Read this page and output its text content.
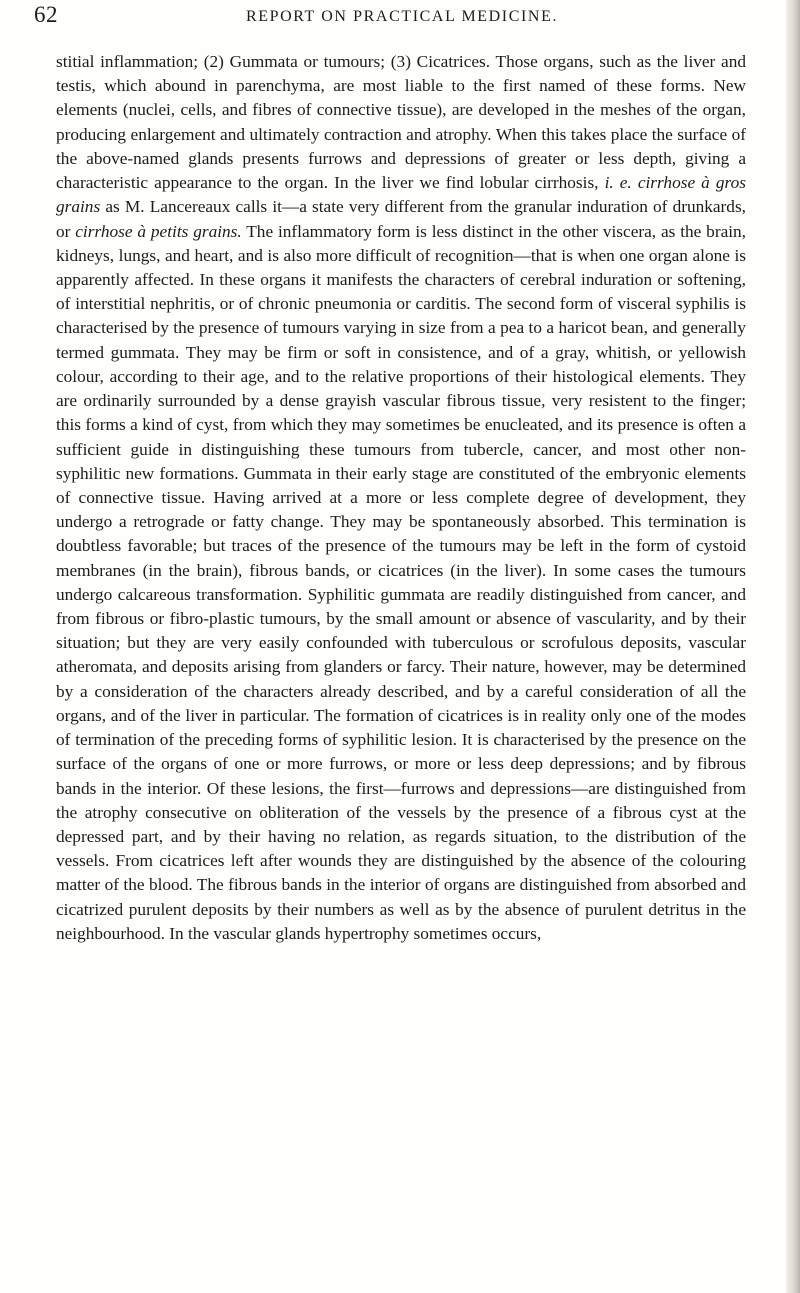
62	REPORT ON PRACTICAL MEDICINE.

stitial inflammation; (2) Gummata or tumours; (3) Cicatrices. Those organs, such as the liver and testis, which abound in parenchyma, are most liable to the first named of these forms. New elements (nuclei, cells, and fibres of connective tissue), are developed in the meshes of the organ, producing enlargement and ultimately contraction and atrophy. When this takes place the surface of the above-named glands presents furrows and depressions of greater or less depth, giving a characteristic appearance to the organ. In the liver we find lobular cirrhosis, i. e. cirrhose à gros grains as M. Lancereaux calls it—a state very different from the granular induration of drunkards, or cirrhose à petits grains. The inflammatory form is less distinct in the other viscera, as the brain, kidneys, lungs, and heart, and is also more difficult of recognition—that is when one organ alone is apparently affected. In these organs it manifests the characters of cerebral induration or softening, of interstitial nephritis, or of chronic pneumonia or carditis. The second form of visceral syphilis is characterised by the presence of tumours varying in size from a pea to a haricot bean, and generally termed gummata. They may be firm or soft in consistence, and of a gray, whitish, or yellowish colour, according to their age, and to the relative proportions of their histological elements. They are ordinarily surrounded by a dense grayish vascular fibrous tissue, very resistent to the finger; this forms a kind of cyst, from which they may sometimes be enucleated, and its presence is often a sufficient guide in distinguishing these tumours from tubercle, cancer, and most other non-syphilitic new formations. Gummata in their early stage are constituted of the embryonic elements of connective tissue. Having arrived at a more or less complete degree of development, they undergo a retrograde or fatty change. They may be spontaneously absorbed. This termination is doubtless favorable; but traces of the presence of the tumours may be left in the form of cystoid membranes (in the brain), fibrous bands, or cicatrices (in the liver). In some cases the tumours undergo calcareous transformation. Syphilitic gummata are readily distinguished from cancer, and from fibrous or fibro-plastic tumours, by the small amount or absence of vascularity, and by their situation; but they are very easily confounded with tuberculous or scrofulous deposits, vascular atheromata, and deposits arising from glanders or farcy. Their nature, however, may be determined by a consideration of the characters already described, and by a careful consideration of all the organs, and of the liver in particular. The formation of cicatrices is in reality only one of the modes of termination of the preceding forms of syphilitic lesion. It is characterised by the presence on the surface of the organs of one or more furrows, or more or less deep depressions; and by fibrous bands in the interior. Of these lesions, the first—furrows and depressions—are distinguished from the atrophy consecutive on obliteration of the vessels by the presence of a fibrous cyst at the depressed part, and by their having no relation, as regards situation, to the distribution of the vessels. From cicatrices left after wounds they are distinguished by the absence of the colouring matter of the blood. The fibrous bands in the interior of organs are distinguished from absorbed and cicatrized purulent deposits by their numbers as well as by the absence of purulent detritus in the neighbourhood. In the vascular glands hypertrophy sometimes occurs,
